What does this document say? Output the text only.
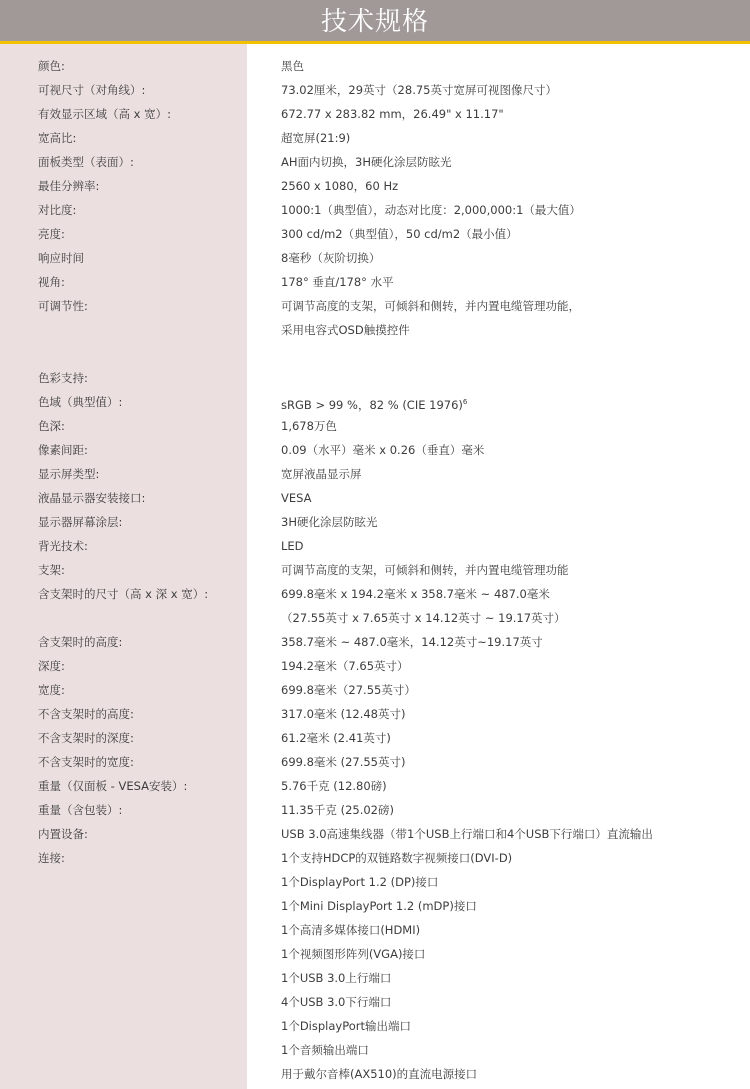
技术规格
颜色:	黑色
可视尺寸（对角线）:	73.02厘米，29英寸（28.75英寸宽屏可视图像尺寸）
有效显示区域（高 x 宽）:	672.77 x 283.82 mm，26.49" x 11.17"
宽高比:	超宽屏(21:9)
面板类型（表面）:	AH面内切换，3H硬化涂层防眩光
最佳分辨率:	2560 x 1080，60 Hz
对比度:	1000:1（典型值），动态对比度：2,000,000:1（最大值）
亮度:	300 cd/m2（典型值），50 cd/m2（最小值）
响应时间	8毫秒（灰阶切换）
视角:	178° 垂直/178° 水平
可调节性:	可调节高度的支架，可倾斜和侧转，并内置电缆管理功能，
采用电容式OSD触摸控件
色彩支持:
色域（典型值）:	sRGB > 99 %，82 % (CIE 1976)$^6$
色深:	1,678万色
像素间距:	0.09（水平）毫米 x 0.26（垂直）毫米
显示屏类型:	宽屏液晶显示屏
液晶显示器安装接口:	VESA
显示器屏幕涂层:	3H硬化涂层防眩光
背光技术:	LED
支架:	可调节高度的支架，可倾斜和侧转，并内置电缆管理功能
含支架时的尺寸（高 x 深 x 宽）:	699.8毫米 x 194.2毫米 x 358.7毫米 ~ 487.0毫米
（27.55英寸 x 7.65英寸 x 14.12英寸 ~ 19.17英寸）
含支架时的高度:	358.7毫米 ~ 487.0毫米，14.12英寸~19.17英寸
深度:	194.2毫米（7.65英寸）
宽度:	699.8毫米（27.55英寸）
不含支架时的高度:	317.0毫米 (12.48英寸)
不含支架时的深度:	61.2毫米 (2.41英寸)
不含支架时的宽度:	699.8毫米 (27.55英寸)
重量（仅面板 - VESA安装）:	5.76千克 (12.80磅)
重量（含包装）:	11.35千克 (25.02磅)
内置设备:	USB 3.0高速集线器（带1个USB上行端口和4个USB下行端口）直流输出
连接:	1个支持HDCP的双链路数字视频接口(DVI-D)
1个DisplayPort 1.2 (DP)接口
1个Mini DisplayPort 1.2 (mDP)接口
1个高清多媒体接口(HDMI)
1个视频图形阵列(VGA)接口
1个USB 3.0上行端口
4个USB 3.0下行端口
1个DisplayPort输出端口
1个音频输出端口
用于戴尔音棒(AX510)的直流电源接口
